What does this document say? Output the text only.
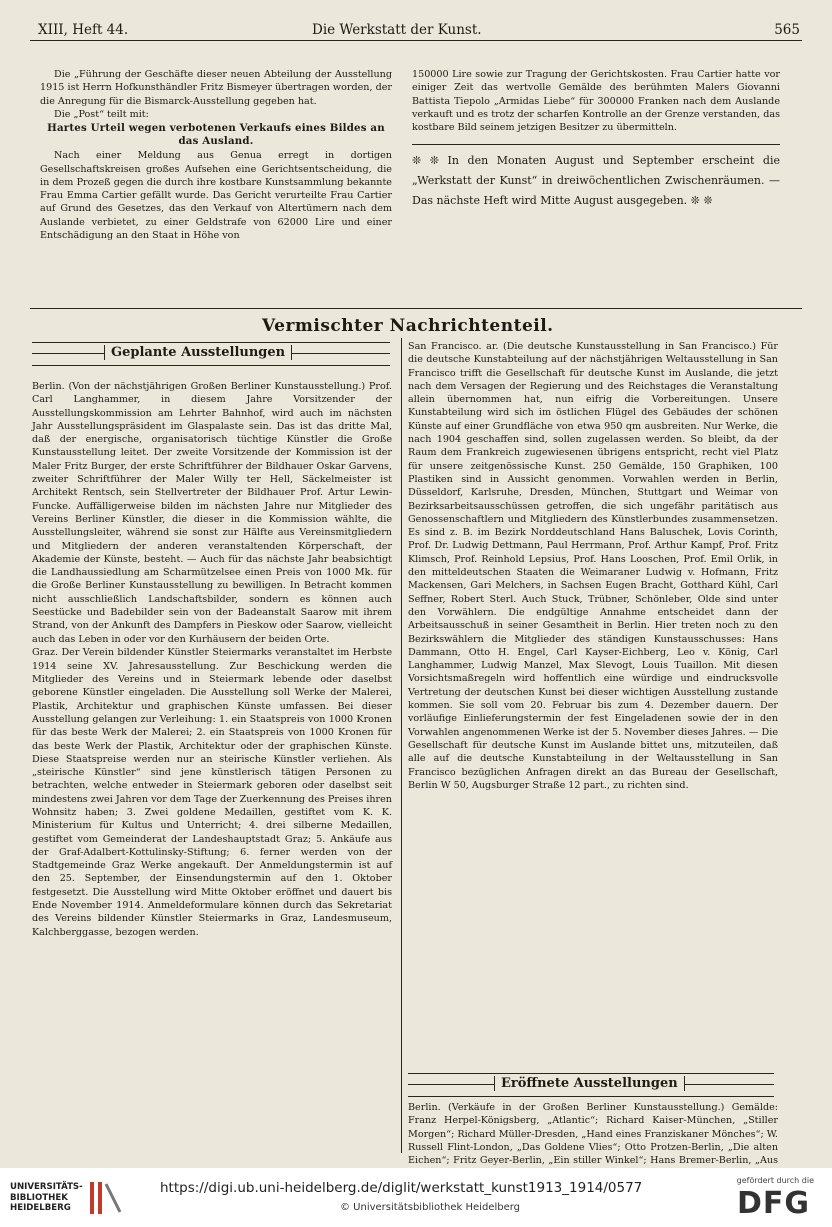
XIII, Heft 44.	Die Werkstatt der Kunst.	565

Die „Führung der Geschäfte dieser neuen Abteilung der Ausstellung 1915 ist Herrn Hofkunsthändler Fritz Bismeyer übertragen worden, der die Anregung für die Bismarck-Ausstellung gegeben hat.

Die „Post“ teilt mit:

Hartes Urteil wegen verbotenen Verkaufs eines Bildes an das Ausland.

Nach einer Meldung aus Genua erregt in dortigen Gesellschaftskreisen großes Aufsehen eine Gerichtsentscheidung, die in dem Prozeß gegen die durch ihre kostbare Kunstsammlung bekannte Frau Emma Cartier gefällt wurde. Das Gericht verurteilte Frau Cartier auf Grund des Gesetzes, das den Verkauf von Altertümern nach dem Auslande verbietet, zu einer Geldstrafe von 62000 Lire und einer Entschädigung an den Staat in Höhe von

150000 Lire sowie zur Tragung der Gerichtskosten. Frau Cartier hatte vor einiger Zeit das wertvolle Gemälde des berühmten Malers Giovanni Battista Tiepolo „Armidas Liebe“ für 300000 Franken nach dem Auslande verkauft und es trotz der scharfen Kontrolle an der Grenze verstanden, das kostbare Bild seinem jetzigen Besitzer zu übermitteln.

❊ ❊ In den Monaten August und September erscheint die „Werkstatt der Kunst“ in dreiwöchentlichen Zwischenräumen. — Das nächste Heft wird Mitte August ausgegeben. ❊ ❊

Vermischter Nachrichtenteil.
Geplante Ausstellungen

Berlin. (Von der nächstjährigen Großen Berliner Kunstausstellung.) Prof. Carl Langhammer, in diesem Jahre Vorsitzender der Ausstellungskommission am Lehrter Bahnhof, wird auch im nächsten Jahr Ausstellungspräsident im Glaspalaste sein. Das ist das dritte Mal, daß der energische, organisatorisch tüchtige Künstler die Große Kunstausstellung leitet. Der zweite Vorsitzende der Kommission ist der Maler Fritz Burger, der erste Schriftführer der Bildhauer Oskar Garvens, zweiter Schriftführer der Maler Willy ter Hell, Säckelmeister ist Architekt Rentsch, sein Stellvertreter der Bildhauer Prof. Artur Lewin-Funcke. Auffälligerweise bilden im nächsten Jahre nur Mitglieder des Vereins Berliner Künstler, die dieser in die Kommission wählte, die Ausstellungsleiter, während sie sonst zur Hälfte aus Vereinsmitgliedern und Mitgliedern der anderen veranstaltenden Körperschaft, der Akademie der Künste, besteht. — Auch für das nächste Jahr beabsichtigt die Landhaussiedlung am Scharmützelsee einen Preis von 1000 Mk. für die Große Berliner Kunstausstellung zu bewilligen. In Betracht kommen nicht ausschließlich Landschaftsbilder, sondern es können auch Seestücke und Badebilder sein von der Badeanstalt Saarow mit ihrem Strand, von der Ankunft des Dampfers in Pieskow oder Saarow, vielleicht auch das Leben in oder vor den Kurhäusern der beiden Orte.

Graz. Der Verein bildender Künstler Steiermarks veranstaltet im Herbste 1914 seine XV. Jahresausstellung. Zur Beschickung werden die Mitglieder des Vereins und in Steiermark lebende oder daselbst geborene Künstler eingeladen. Die Ausstellung soll Werke der Malerei, Plastik, Architektur und graphischen Künste umfassen. Bei dieser Ausstellung gelangen zur Verleihung: 1. ein Staatspreis von 1000 Kronen für das beste Werk der Malerei; 2. ein Staatspreis von 1000 Kronen für das beste Werk der Plastik, Architektur oder der graphischen Künste. Diese Staatspreise werden nur an steirische Künstler verliehen. Als „steirische Künstler“ sind jene künstlerisch tätigen Personen zu betrachten, welche entweder in Steiermark geboren oder daselbst seit mindestens zwei Jahren vor dem Tage der Zuerkennung des Preises ihren Wohnsitz haben; 3. Zwei goldene Medaillen, gestiftet vom K. K. Ministerium für Kultus und Unterricht; 4. drei silberne Medaillen, gestiftet vom Gemeinderat der Landeshauptstadt Graz; 5. Ankäufe aus der Graf-Adalbert-Kottulinsky-Stiftung; 6. ferner werden von der Stadtgemeinde Graz Werke angekauft. Der Anmeldungstermin ist auf den 25. September, der Einsendungstermin auf den 1. Oktober festgesetzt. Die Ausstellung wird Mitte Oktober eröffnet und dauert bis Ende November 1914. Anmeldeformulare können durch das Sekretariat des Vereins bildender Künstler Steiermarks in Graz, Landesmuseum, Kalchberggasse, bezogen werden.

San Francisco. ar. (Die deutsche Kunstausstellung in San Francisco.) Für die deutsche Kunstabteilung auf der nächstjährigen Weltausstellung in San Francisco trifft die Gesellschaft für deutsche Kunst im Auslande, die jetzt nach dem Versagen der Regierung und des Reichstages die Veranstaltung allein übernommen hat, nun eifrig die Vorbereitungen. Unsere Kunstabteilung wird sich im östlichen Flügel des Gebäudes der schönen Künste auf einer Grundfläche von etwa 950 qm ausbreiten. Nur Werke, die nach 1904 geschaffen sind, sollen zugelassen werden. So bleibt, da der Raum dem Frankreich zugewiesenen übrigens entspricht, recht viel Platz für unsere zeitgenössische Kunst. 250 Gemälde, 150 Graphiken, 100 Plastiken sind in Aussicht genommen. Vorwahlen werden in Berlin, Düsseldorf, Karlsruhe, Dresden, München, Stuttgart und Weimar von Bezirksarbeitsausschüssen getroffen, die sich ungefähr paritätisch aus Genossenschaftlern und Mitgliedern des Künstlerbundes zusammensetzen. Es sind z. B. im Bezirk Norddeutschland Hans Baluschek, Lovis Corinth, Prof. Dr. Ludwig Dettmann, Paul Herrmann, Prof. Arthur Kampf, Prof. Fritz Klimsch, Prof. Reinhold Lepsius, Prof. Hans Looschen, Prof. Emil Orlik, in den mitteldeutschen Staaten die Weimaraner Ludwig v. Hofmann, Fritz Mackensen, Gari Melchers, in Sachsen Eugen Bracht, Gotthard Kühl, Carl Seffner, Robert Sterl. Auch Stuck, Trübner, Schönleber, Olde sind unter den Vorwählern. Die endgültige Annahme entscheidet dann der Arbeitsausschuß in seiner Gesamtheit in Berlin. Hier treten noch zu den Bezirkswählern die Mitglieder des ständigen Kunstausschusses: Hans Dammann, Otto H. Engel, Carl Kayser-Eichberg, Leo v. König, Carl Langhammer, Ludwig Manzel, Max Slevogt, Louis Tuaillon. Mit diesen Vorsichtsmaßregeln wird hoffentlich eine würdige und eindrucksvolle Vertretung der deutschen Kunst bei dieser wichtigen Ausstellung zustande kommen. Sie soll vom 20. Februar bis zum 4. Dezember dauern. Der vorläufige Einlieferungstermin der fest Eingeladenen sowie der in den Vorwahlen angenommenen Werke ist der 5. November dieses Jahres. — Die Gesellschaft für deutsche Kunst im Auslande bittet uns, mitzuteilen, daß alle auf die deutsche Kunstabteilung in der Weltausstellung in San Francisco bezüglichen Anfragen direkt an das Bureau der Gesellschaft, Berlin W 50, Augsburger Straße 12 part., zu richten sind.

Eröffnete Ausstellungen

Berlin. (Verkäufe in der Großen Berliner Kunstausstellung.) Gemälde: Franz Herpel-Königsberg, „Atlantic“; Richard Kaiser-München, „Stiller Morgen“; Richard Müller-Dresden, „Hand eines Franziskaner Mönches“; W. Russell Flint-London, „Das Goldene Vlies“; Otto Protzen-Berlin, „Die alten Eichen“; Fritz Geyer-Berlin, „Ein stiller Winkel“; Hans Bremer-Berlin, „Aus

UNIVERSITÄTS-
BIBLIOTHEK
HEIDELBERG
https://digi.ub.uni-heidelberg.de/diglit/werkstatt_kunst1913_1914/0577
© Universitätsbibliothek Heidelberg
gefördert durch die
DFG
